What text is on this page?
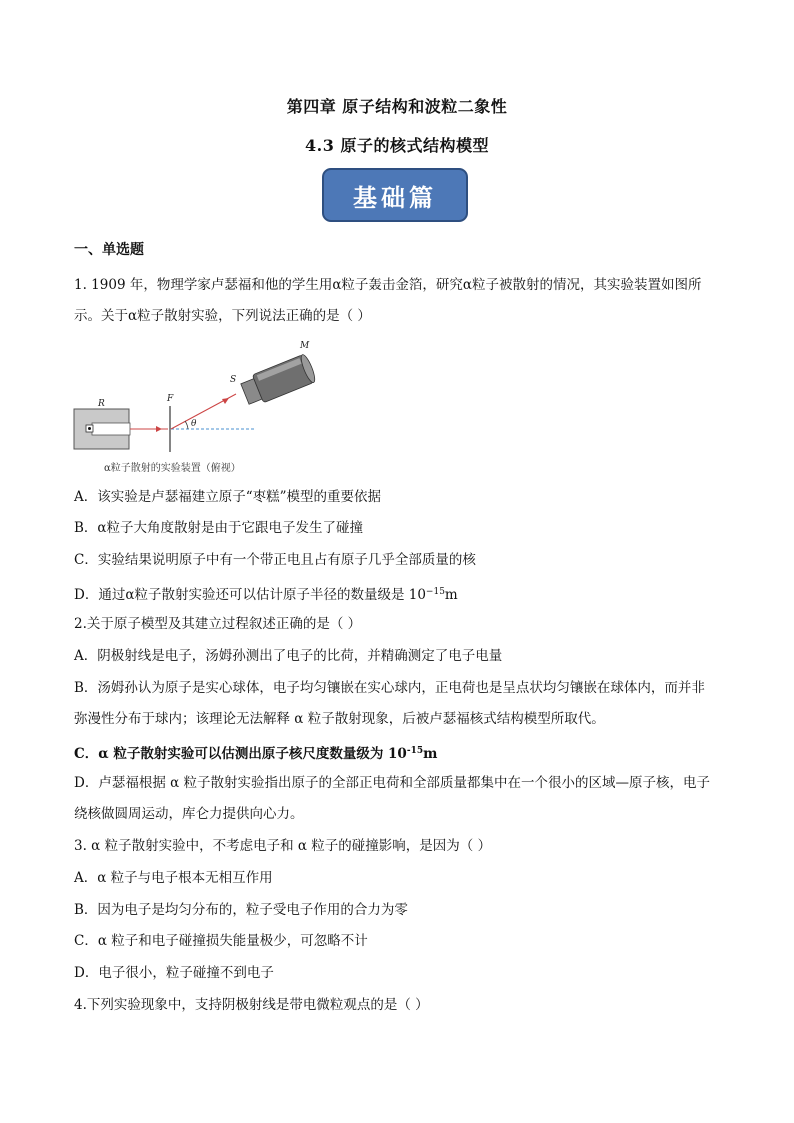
第四章 原子结构和波粒二象性
4.3 原子的核式结构模型
基础篇
一、单选题
1. 1909 年，物理学家卢瑟福和他的学生用α粒子轰击金箔，研究α粒子被散射的情况，其实验装置如图所
示。关于α粒子散射实验，下列说法正确的是（ ）
R	F
θ
S
M
α粒子散射的实验装置（俯视）
A．该实验是卢瑟福建立原子“枣糕”模型的重要依据
B．α粒子大角度散射是由于它跟电子发生了碰撞
C．实验结果说明原子中有一个带正电且占有原子几乎全部质量的核
D．通过α粒子散射实验还可以估计原子半径的数量级是 $10^{-15}m$
2.关于原子模型及其建立过程叙述正确的是（ ）
A．阴极射线是电子，汤姆孙测出了电子的比荷，并精确测定了电子电量
B．汤姆孙认为原子是实心球体，电子均匀镶嵌在实心球内，正电荷也是呈点状均匀镶嵌在球体内，而并非
弥漫性分布于球内；该理论无法解释 α 粒子散射现象，后被卢瑟福核式结构模型所取代。
C．α 粒子散射实验可以估测出原子核尺度数量级为 $10^{-15}m$
D．卢瑟福根据 α 粒子散射实验指出原子的全部正电荷和全部质量都集中在一个很小的区域—原子核，电子
绕核做圆周运动，库仑力提供向心力。
3. α 粒子散射实验中，不考虑电子和 α 粒子的碰撞影响，是因为（ ）
A．α 粒子与电子根本无相互作用
B．因为电子是均匀分布的，粒子受电子作用的合力为零
C．α 粒子和电子碰撞损失能量极少，可忽略不计
D．电子很小，粒子碰撞不到电子
4.下列实验现象中，支持阴极射线是带电微粒观点的是（ ）
